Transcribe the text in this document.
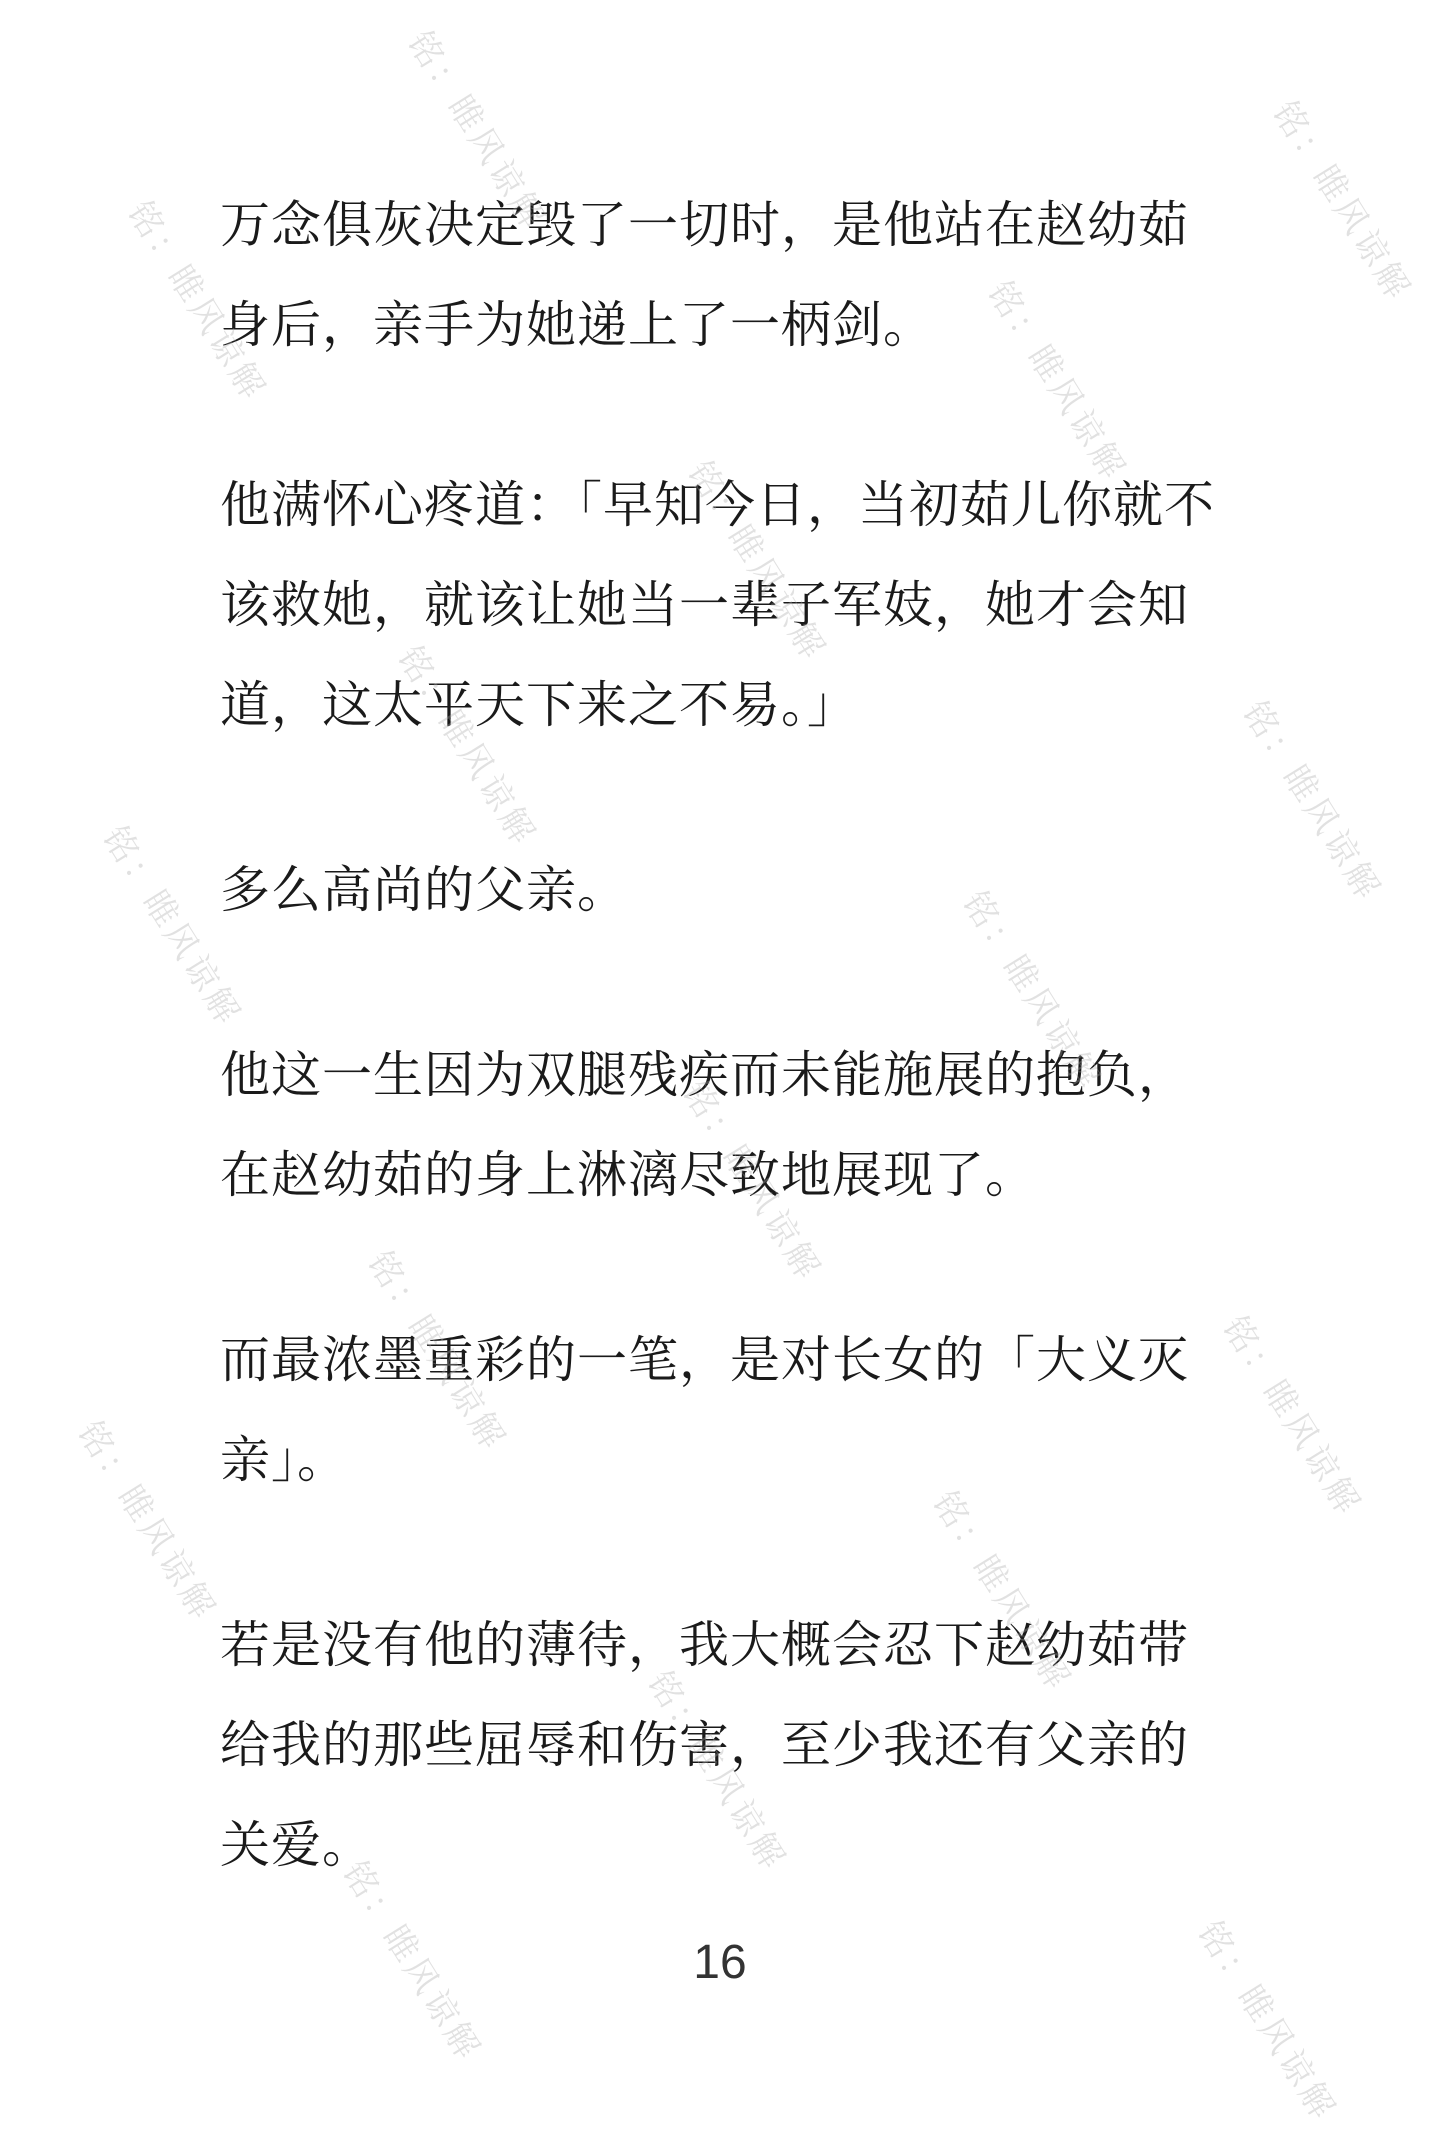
万念俱灰决定毁了一切时，是他站在赵幼茹
身后，亲手为她递上了一柄剑。

他满怀心疼道：「早知今日，当初茹儿你就不
该救她，就该让她当一辈子军妓，她才会知
道，这太平天下来之不易。」

多么高尚的父亲。

他这一生因为双腿残疾而未能施展的抱负，
在赵幼茹的身上淋漓尽致地展现了。

而最浓墨重彩的一笔，是对长女的「大义灭
亲」。

若是没有他的薄待，我大概会忍下赵幼茹带
给我的那些屈辱和伤害，至少我还有父亲的
关爱。

16
铭：睢风谅解	铭：睢风谅解
铭：睢风谅解	铭：睢风谅解
铭：睢风谅解
铭：睢风谅解	铭：睢风谅解
铭：睢风谅解	铭：睢风谅解
铭：睢风谅解
铭：睢风谅解	铭：睢风谅解
铭：睢风谅解	铭：睢风谅解
铭：睢风谅解
铭：睢风谅解	铭：睢风谅解
